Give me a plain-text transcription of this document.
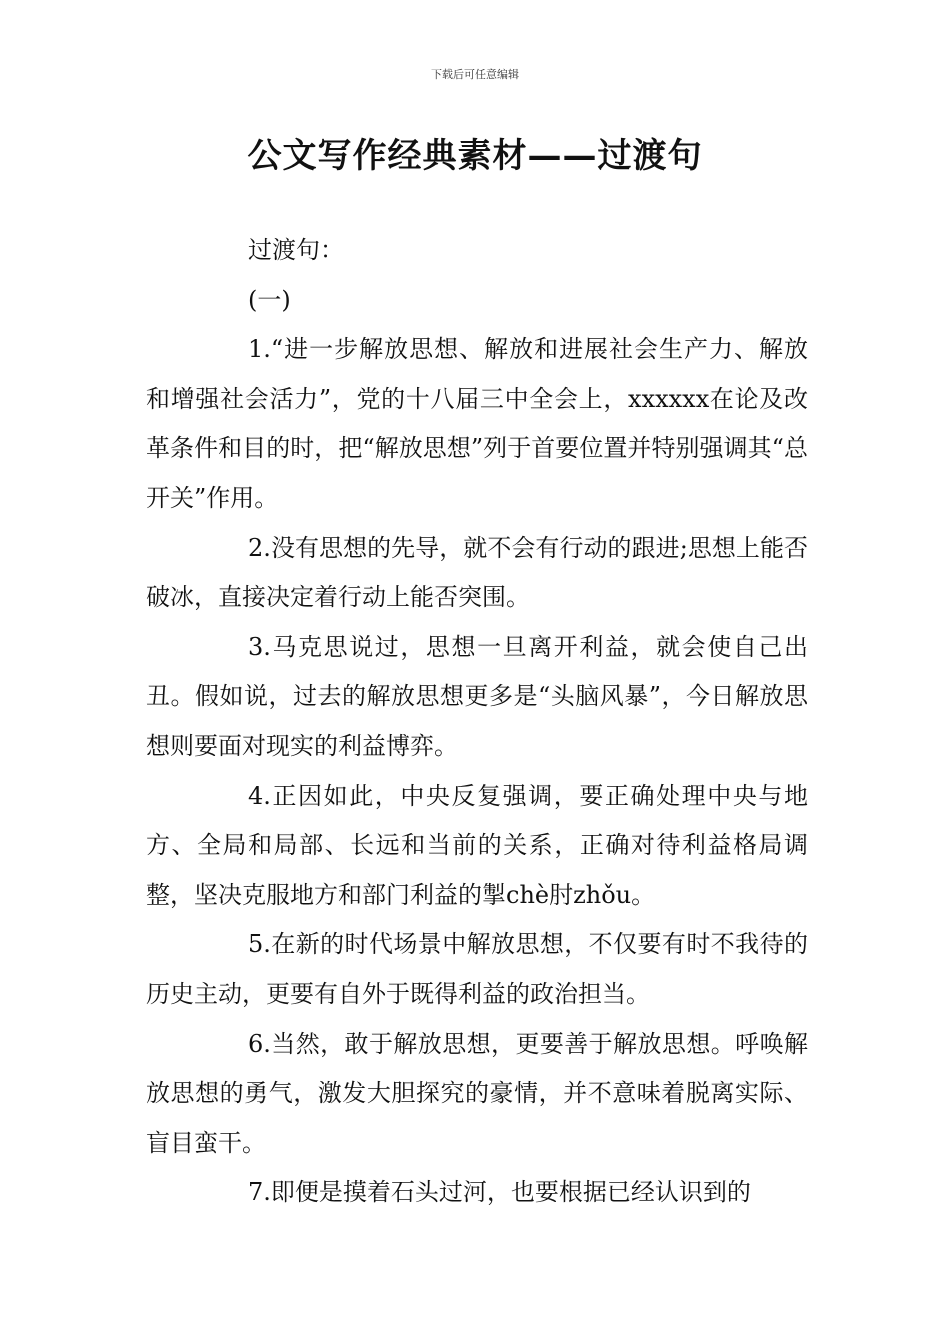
下载后可任意编辑
公文写作经典素材——过渡句

过渡句：

(一)

1.“进一步解放思想、解放和进展社会生产力、解放和增强社会活力”，党的十八届三中全会上，xxxxxx在论及改革条件和目的时，把“解放思想”列于首要位置并特别强调其“总开关”作用。

2.没有思想的先导，就不会有行动的跟进;思想上能否破冰，直接决定着行动上能否突围。

3.马克思说过，思想一旦离开利益，就会使自己出丑。假如说，过去的解放思想更多是“头脑风暴”，今日解放思想则要面对现实的利益博弈。

4.正因如此，中央反复强调，要正确处理中央与地方、全局和局部、长远和当前的关系，正确对待利益格局调整，坚决克服地方和部门利益的掣chè肘zhǒu。

5.在新的时代场景中解放思想，不仅要有时不我待的历史主动，更要有自外于既得利益的政治担当。

6.当然，敢于解放思想，更要善于解放思想。呼唤解放思想的勇气，激发大胆探究的豪情，并不意味着脱离实际、盲目蛮干。

7.即便是摸着石头过河，也要根据已经认识到的
